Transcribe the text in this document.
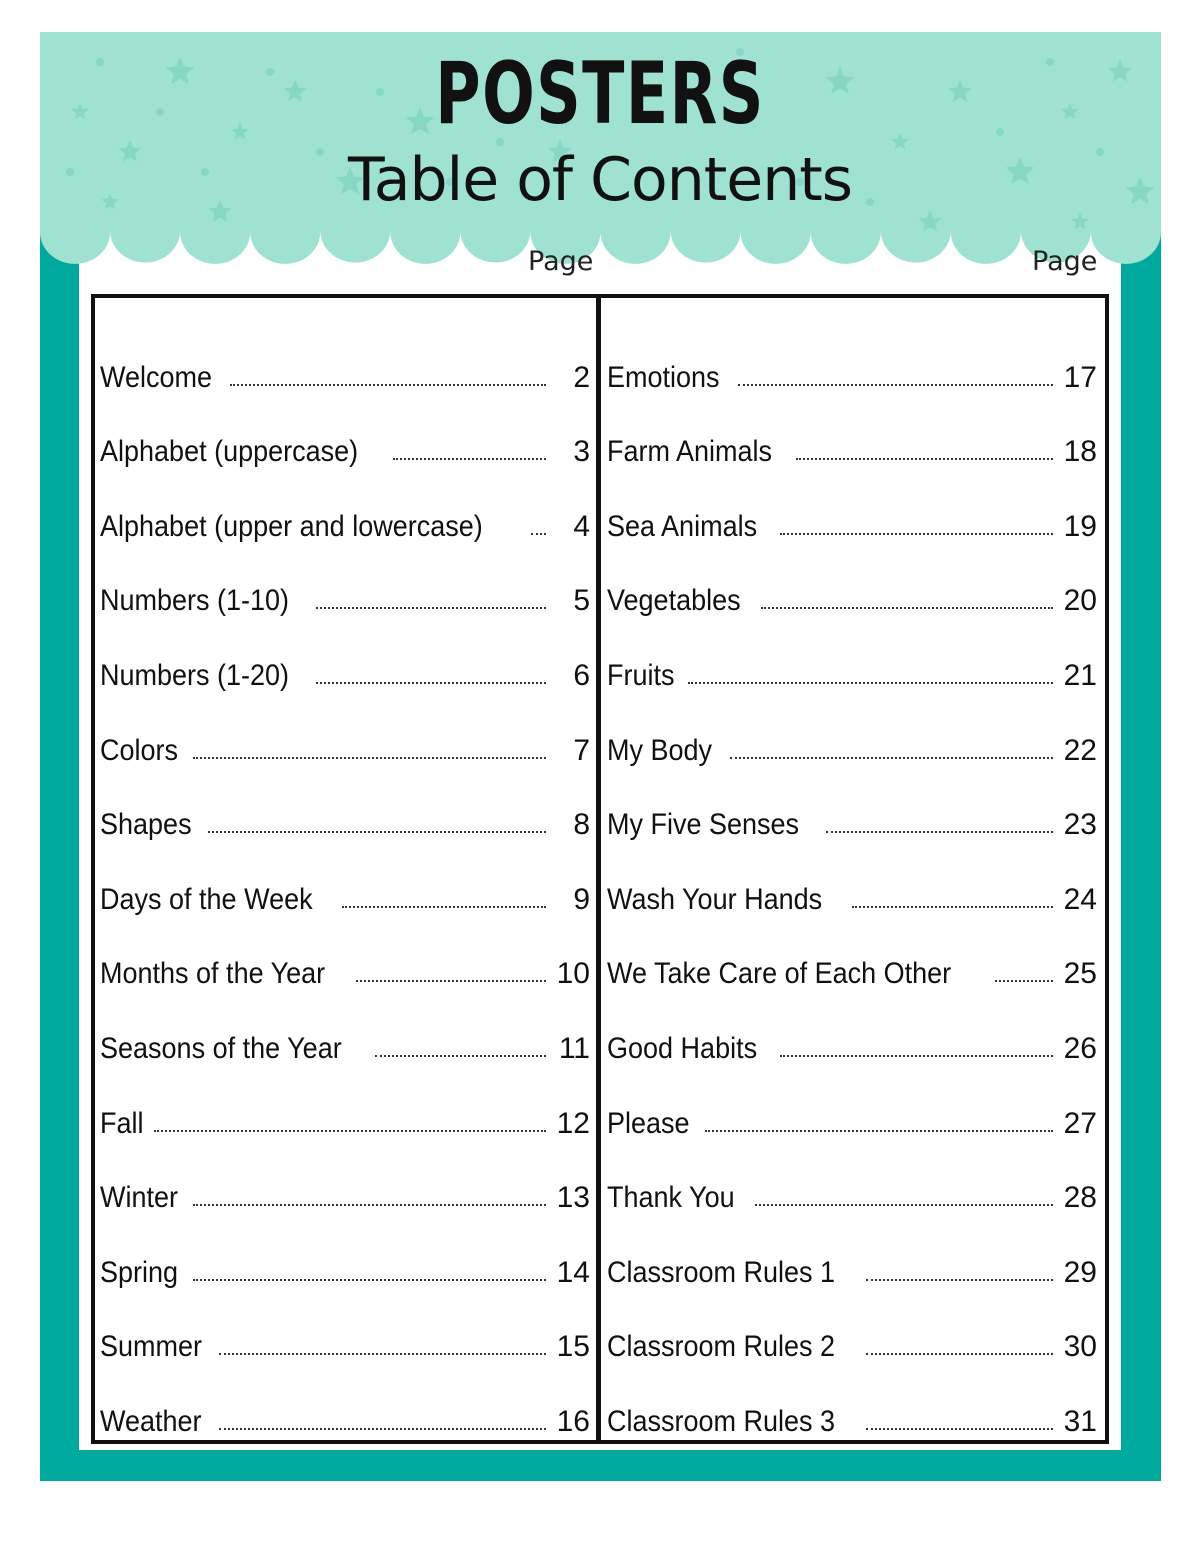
POSTERS
Table of Contents
Page	Page
Welcome	2
Alphabet (uppercase)	3
Alphabet (upper and lowercase)	4
Numbers (1-10)	5
Numbers (1-20)	6
Colors	7
Shapes	8
Days of the Week	9
Months of the Year	10
Seasons of the Year	11
Fall	12
Winter	13
Spring	14
Summer	15
Weather	16
Emotions	17
Farm Animals	18
Sea Animals	19
Vegetables	20
Fruits	21
My Body	22
My Five Senses	23
Wash Your Hands	24
We Take Care of Each Other	25
Good Habits	26
Please	27
Thank You	28
Classroom Rules 1	29
Classroom Rules 2	30
Classroom Rules 3	31
